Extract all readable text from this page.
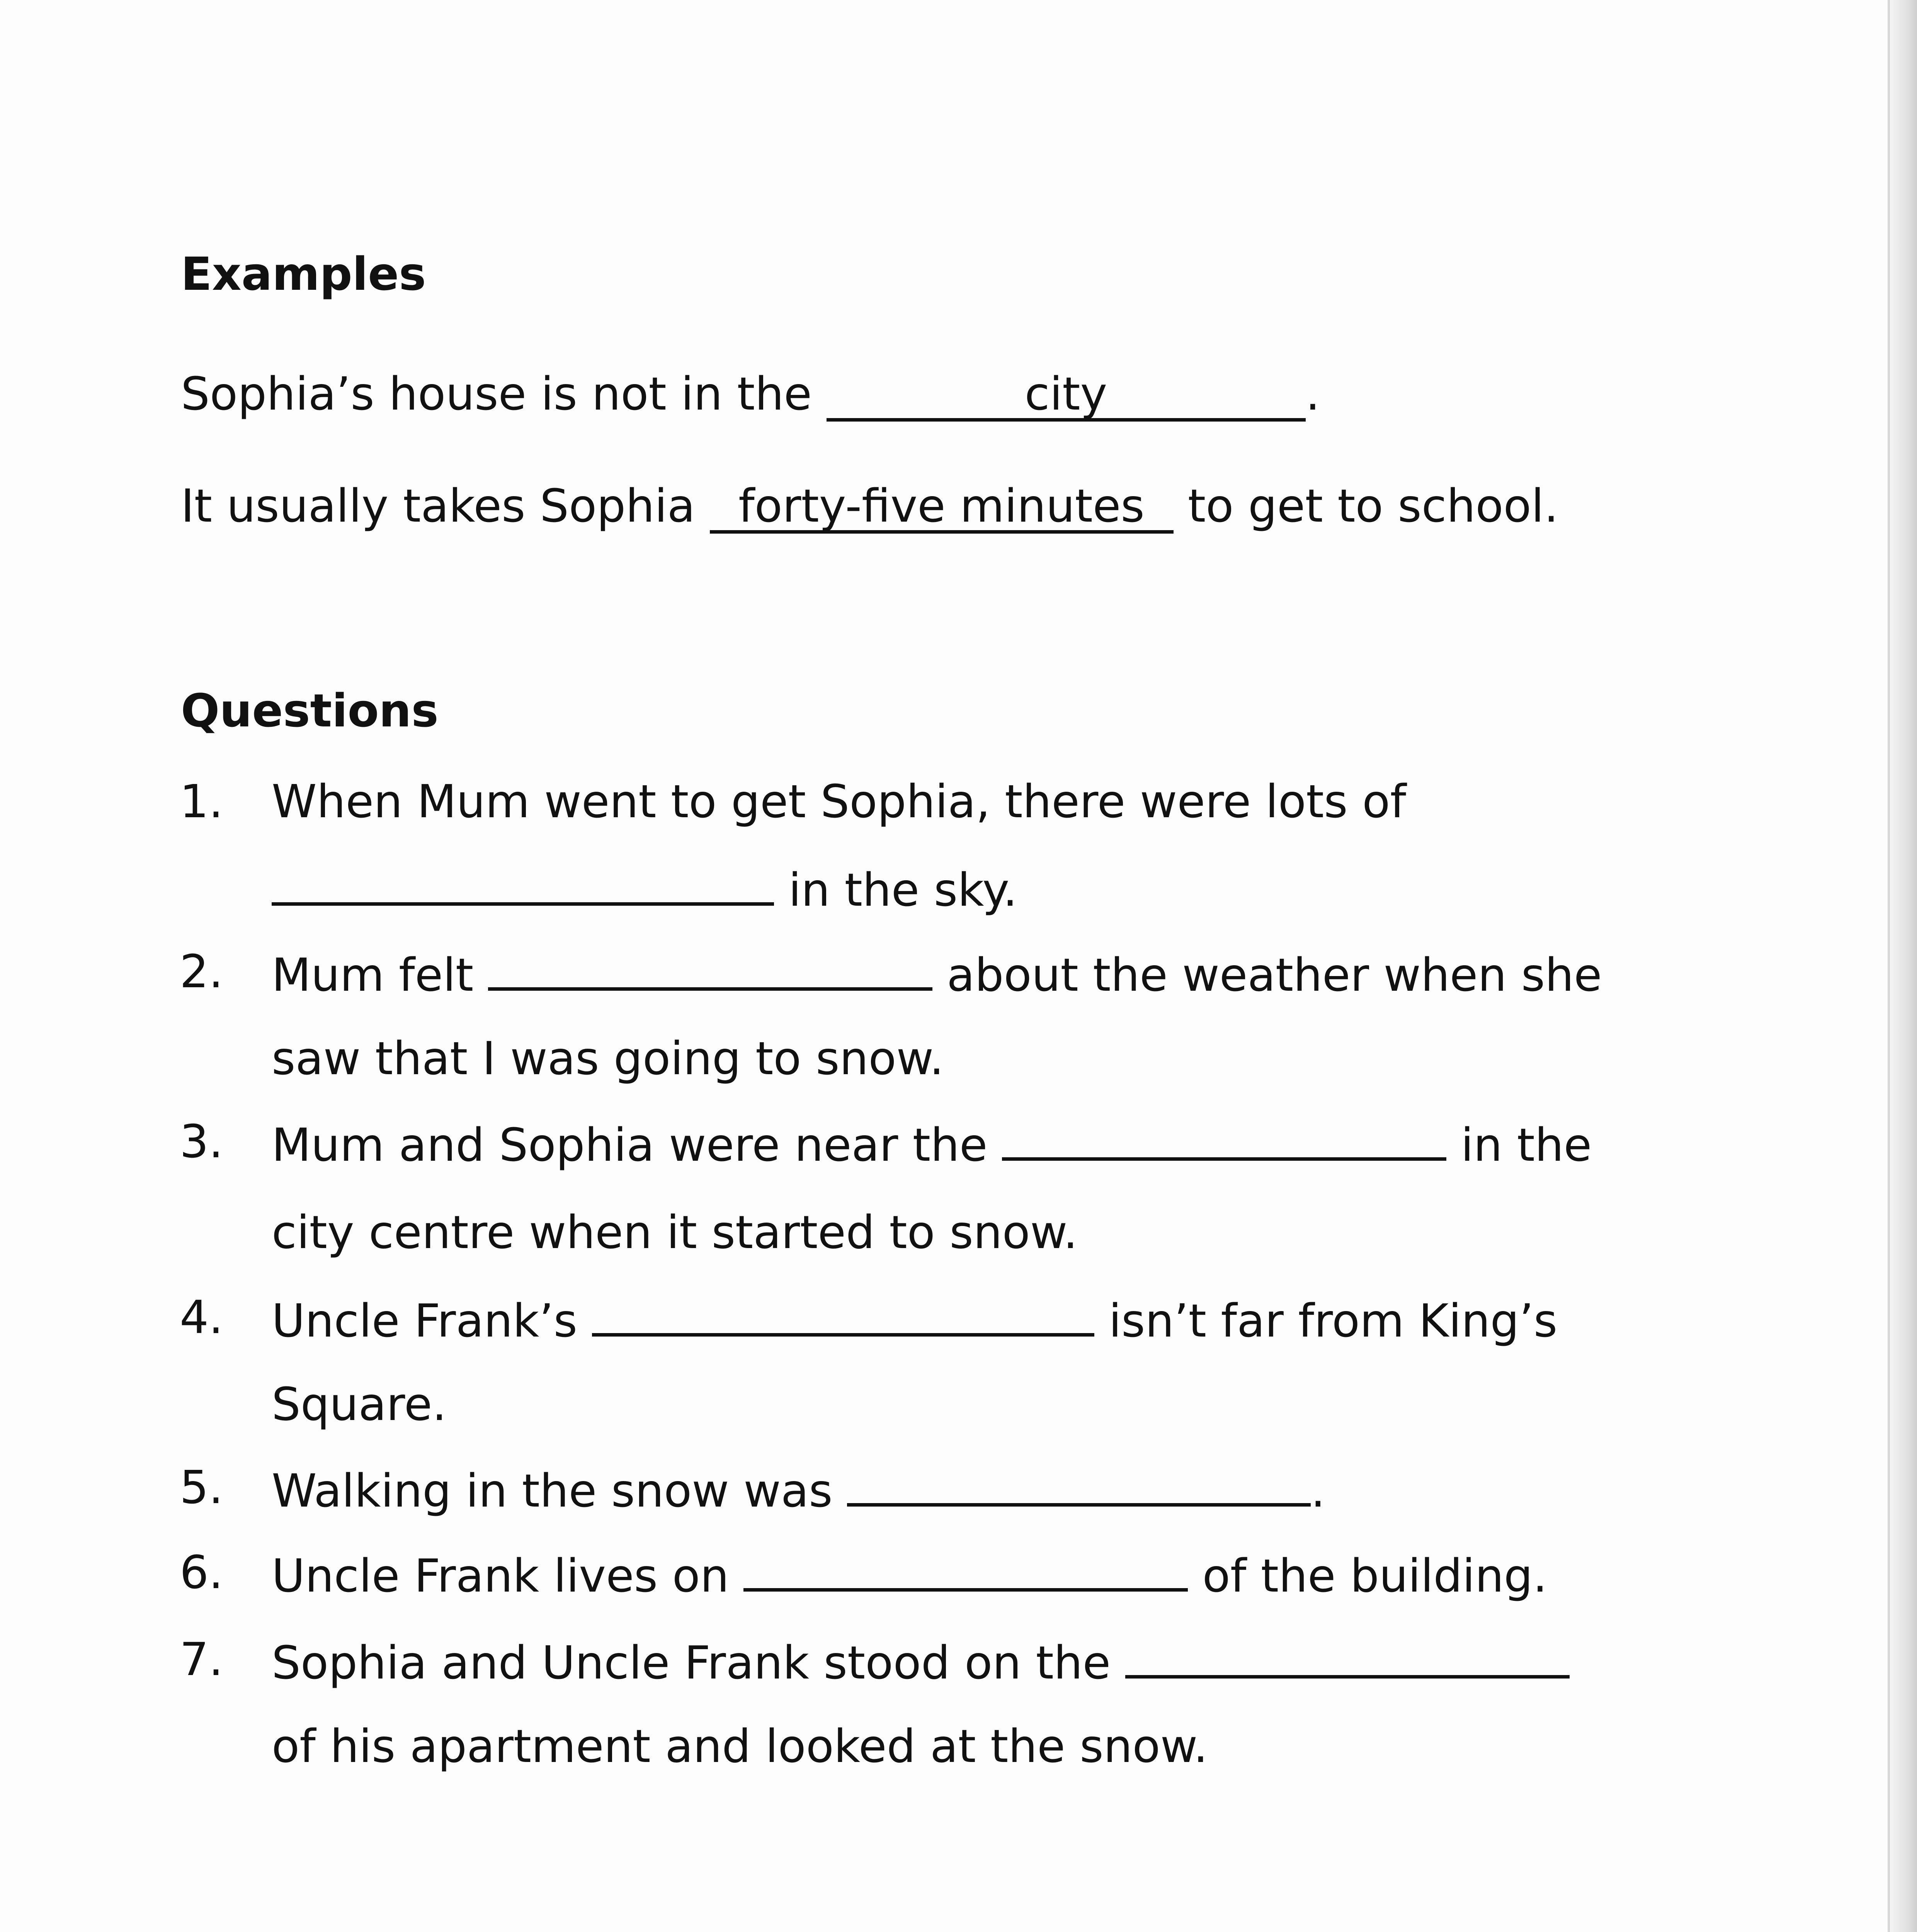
Examples
Sophia’s house is not in the	city	.
It usually takes Sophia forty-five minutes to get to school.
Questions
1. When Mum went to get Sophia, there were lots of
in the sky.
2. Mum felt	about the weather when she
saw that I was going to snow.
3. Mum and Sophia were near the	in the
city centre when it started to snow.
4. Uncle Frank’s	isn’t far from King’s
Square.
5. Walking in the snow was	.
6. Uncle Frank lives on	of the building.
7. Sophia and Uncle Frank stood on the
of his apartment and looked at the snow.
